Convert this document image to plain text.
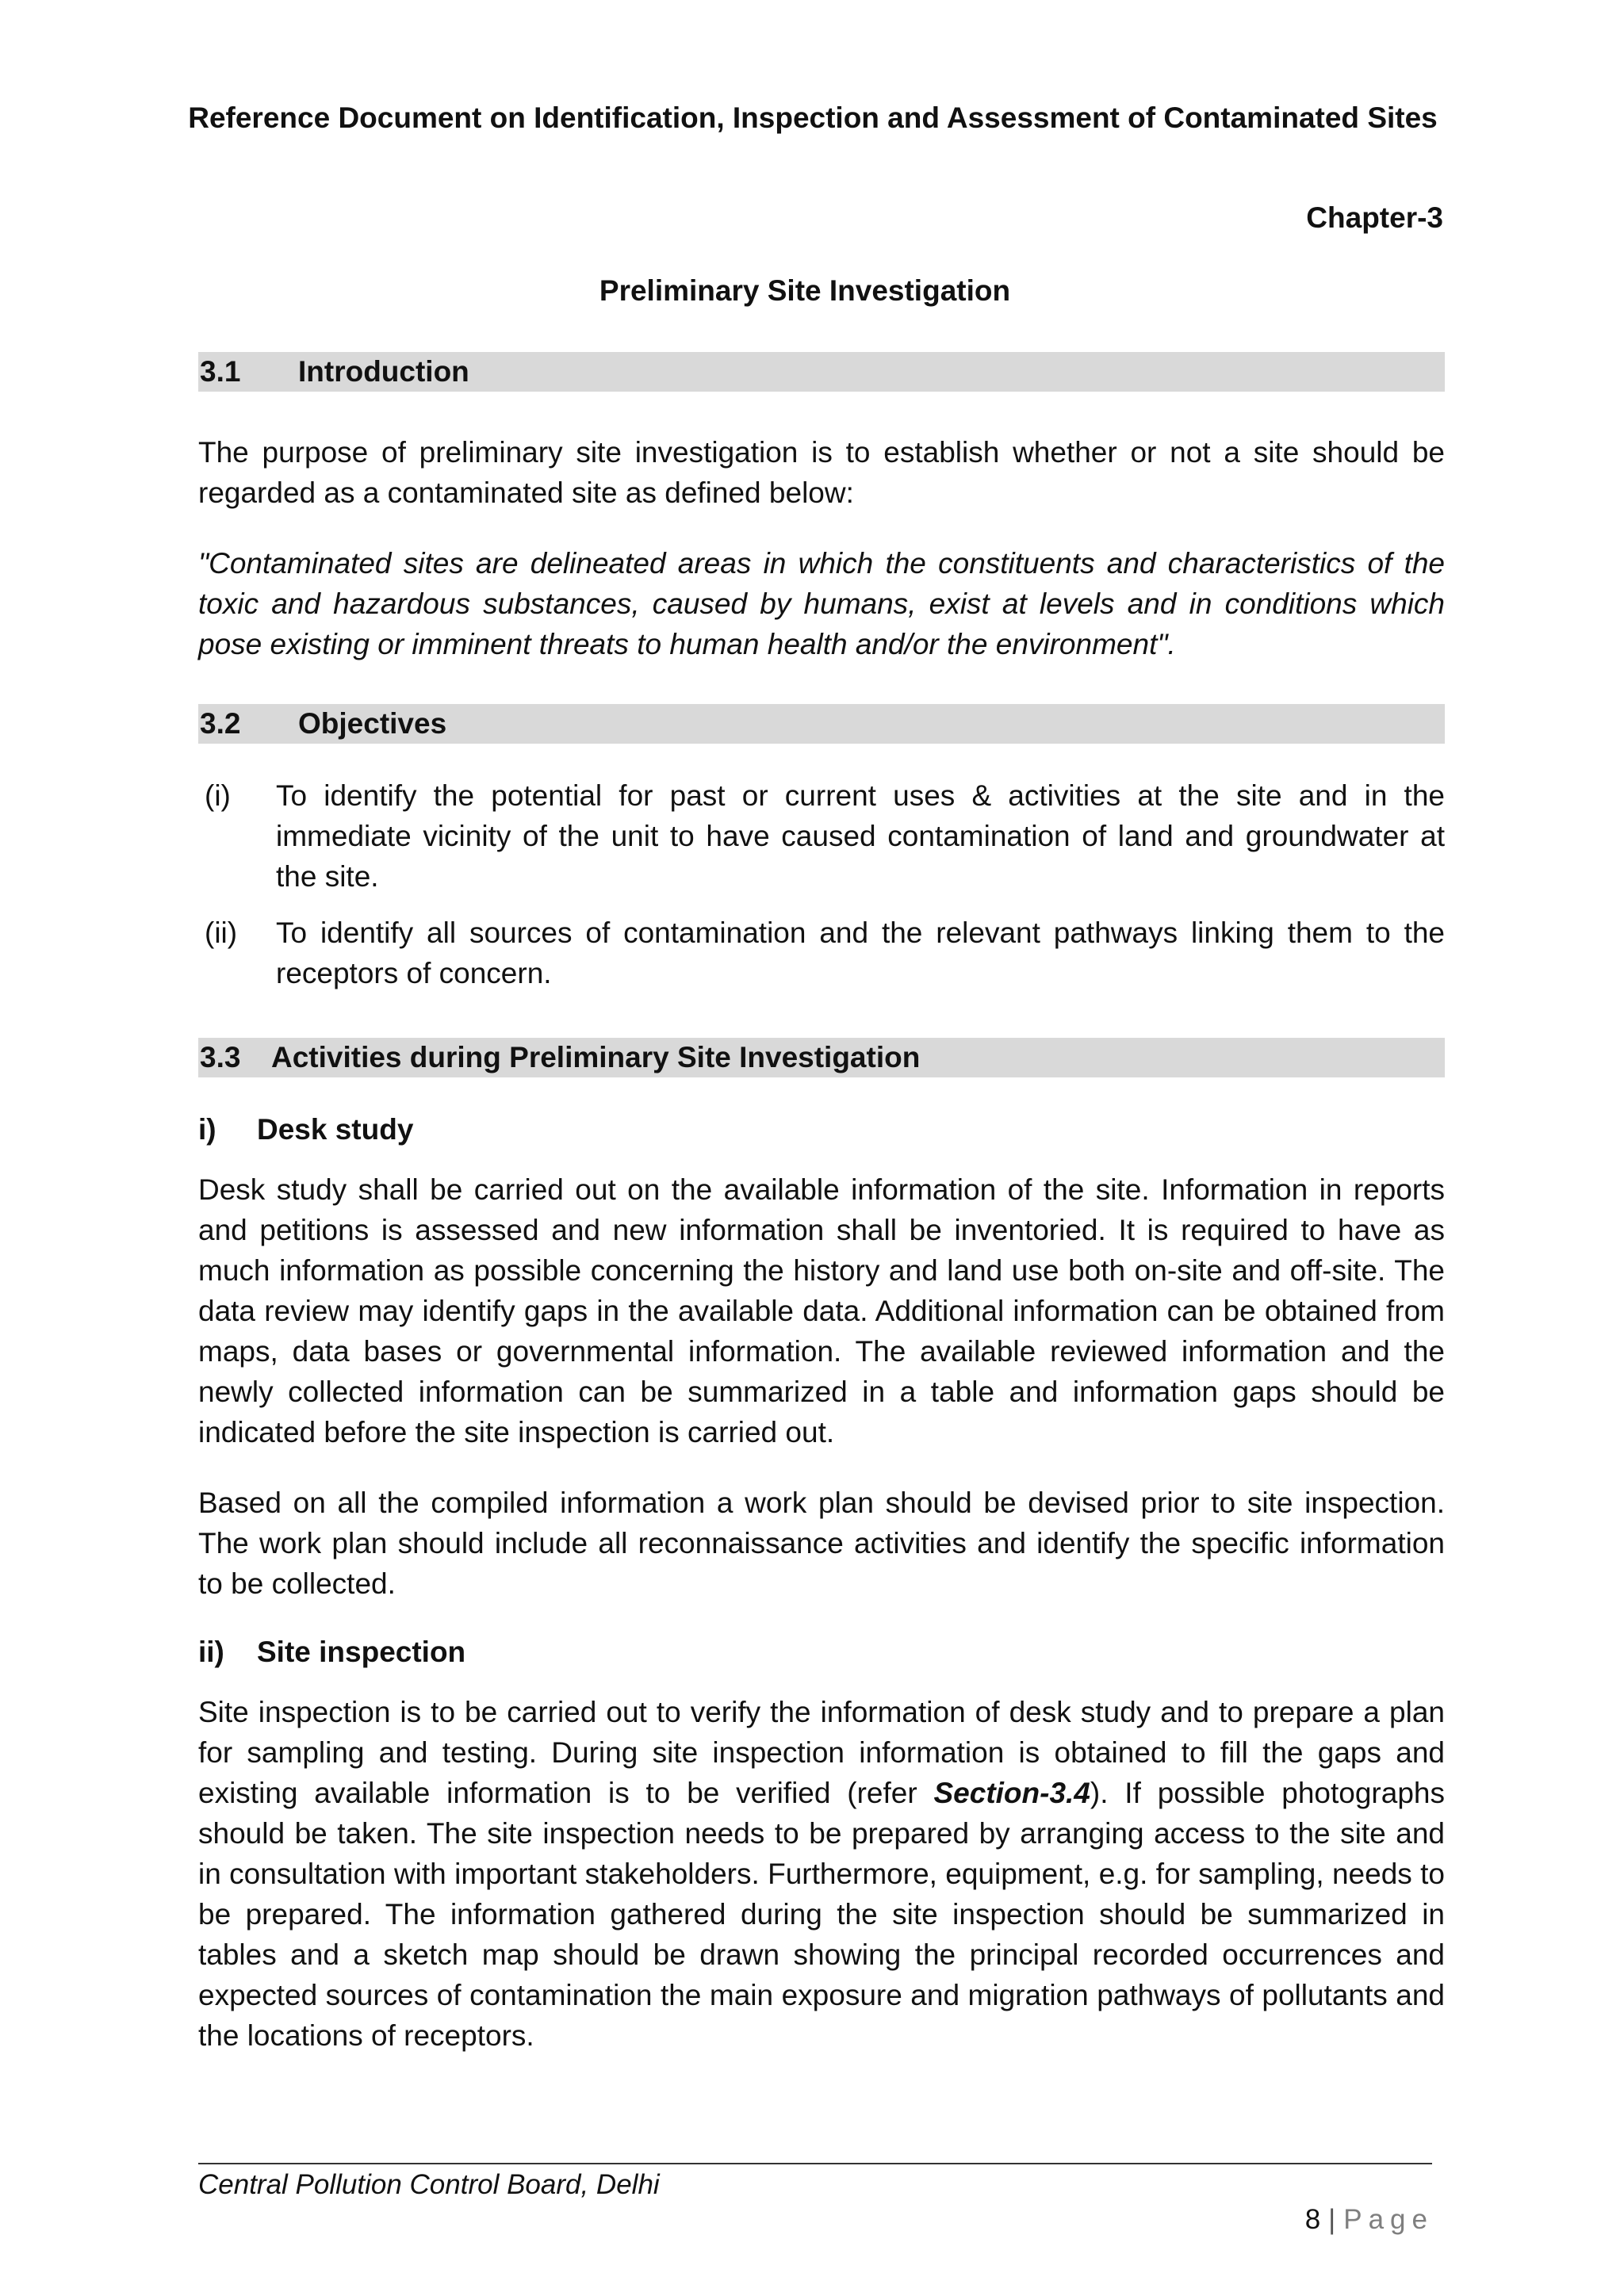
Reference Document on Identification, Inspection and Assessment of Contaminated Sites
Chapter-3
3.1 Introduction

The purpose of preliminary site investigation is to establish whether or not a site should be regarded as a contaminated site as defined below:

"Contaminated sites are delineated areas in which the constituents and characteristics of the toxic and hazardous substances, caused by humans, exist at levels and in conditions which pose existing or imminent threats to human health and/or the environment".

3.2 Objectives
(i) To identify the potential for past or current uses & activities at the site and in the immediate vicinity of the unit to have caused contamination of land and groundwater at the site.
(ii) To identify all sources of contamination and the relevant pathways linking them to the receptors of concern.
3.3 Activities during Preliminary Site Investigation
i) Desk study

Desk study shall be carried out on the available information of the site. Information in reports and petitions is assessed and new information shall be inventoried. It is required to have as much information as possible concerning the history and land use both on-site and off-site. The data review may identify gaps in the available data. Additional information can be obtained from maps, data bases or governmental information. The available reviewed information and the newly collected information can be summarized in a table and information gaps should be indicated before the site inspection is carried out.

Based on all the compiled information a work plan should be devised prior to site inspection. The work plan should include all reconnaissance activities and identify the specific information to be collected.

ii) Site inspection

Site inspection is to be carried out to verify the information of desk study and to prepare a plan for sampling and testing. During site inspection information is obtained to fill the gaps and existing available information is to be verified (refer Section-3.4). If possible photographs should be taken. The site inspection needs to be prepared by arranging access to the site and in consultation with important stakeholders. Furthermore, equipment, e.g. for sampling, needs to be prepared. The information gathered during the site inspection should be summarized in tables and a sketch map should be drawn showing the principal recorded occurrences and expected sources of contamination the main exposure and migration pathways of pollutants and the locations of receptors.

Preliminary Site Investigation
Central Pollution Control Board, Delhi
8 | Page
